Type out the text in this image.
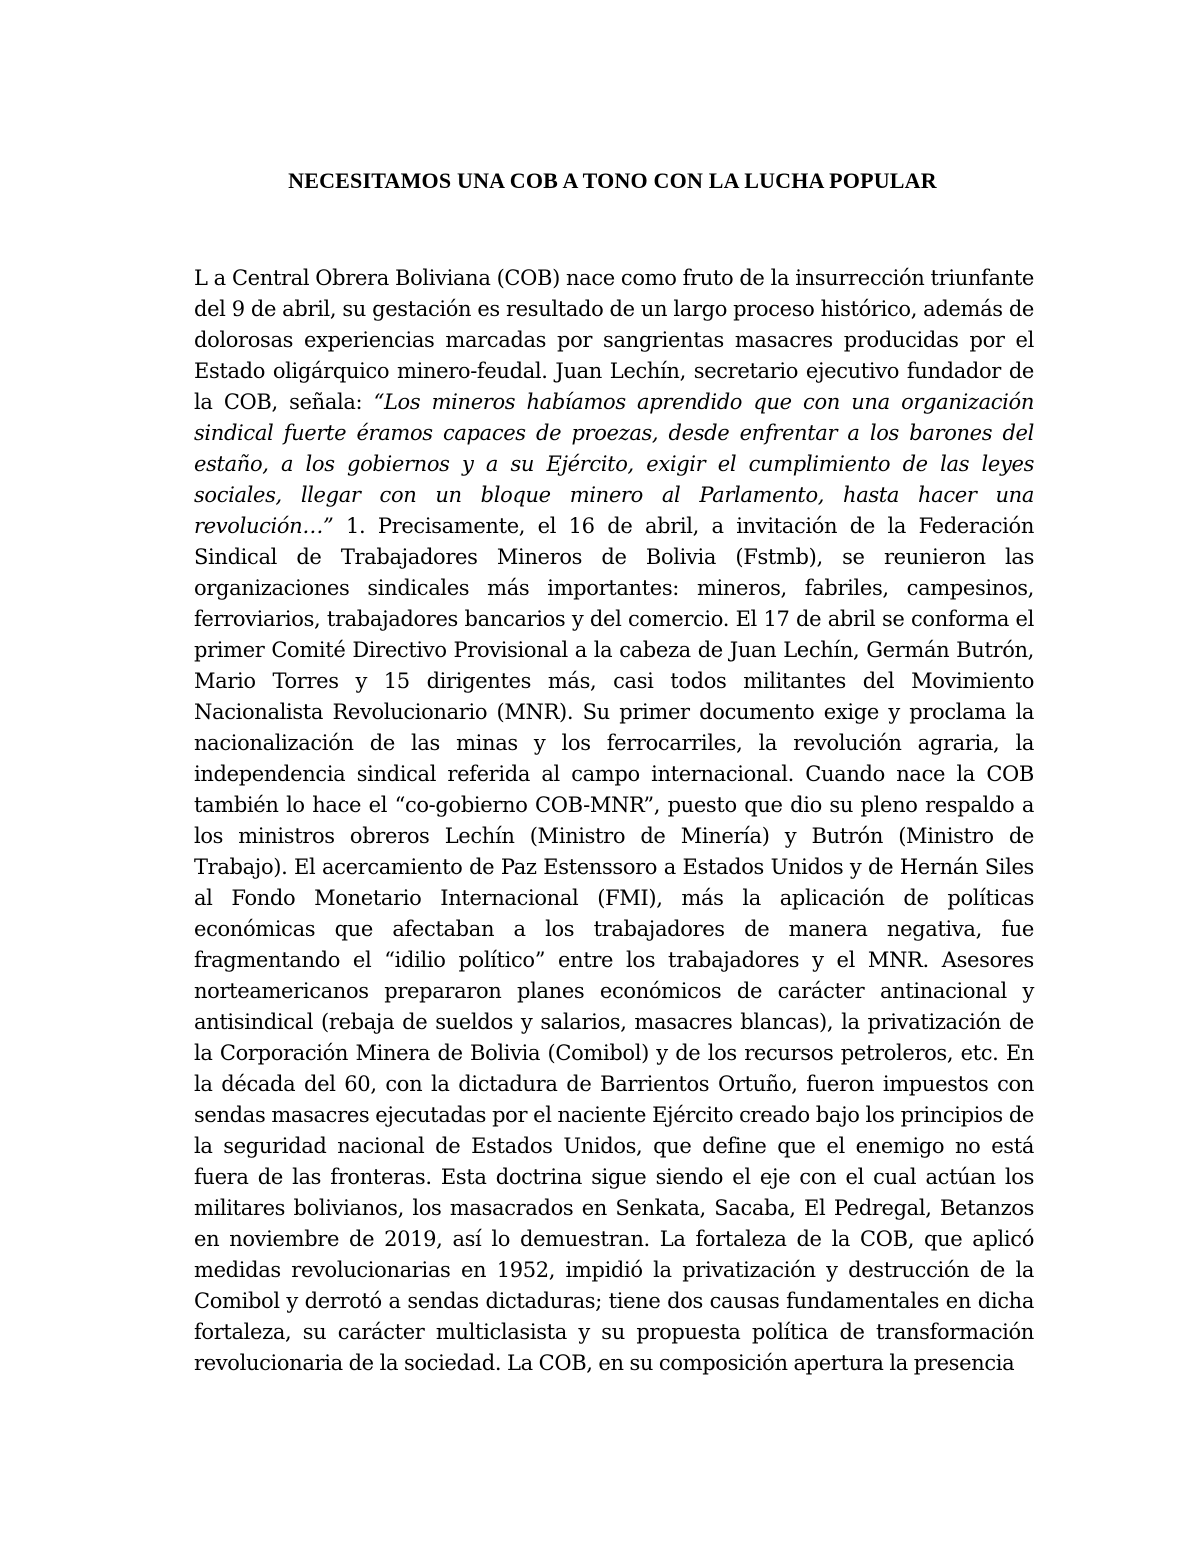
NECESITAMOS UNA COB A TONO CON LA LUCHA POPULAR

L a Central Obrera Boliviana (COB) nace como fruto de la insurrección triunfante del 9 de abril, su gestación es resultado de un largo proceso histórico, además de dolorosas experiencias marcadas por sangrientas masacres producidas por el Estado oligárquico minero-feudal. Juan Lechín, secretario ejecutivo fundador de la COB, señala: “Los mineros habíamos aprendido que con una organización sindical fuerte éramos capaces de proezas, desde enfrentar a los barones del estaño, a los gobiernos y a su Ejército, exigir el cumplimiento de las leyes sociales, llegar con un bloque minero al Parlamento, hasta hacer una revolución…” 1. Precisamente, el 16 de abril, a invitación de la Federación Sindical de Trabajadores Mineros de Bolivia (Fstmb), se reunieron las organizaciones sindicales más importantes: mineros, fabriles, campesinos, ferroviarios, trabajadores bancarios y del comercio. El 17 de abril se conforma el primer Comité Directivo Provisional a la cabeza de Juan Lechín, Germán Butrón, Mario Torres y 15 dirigentes más, casi todos militantes del Movimiento Nacionalista Revolucionario (MNR). Su primer documento exige y proclama la nacionalización de las minas y los ferrocarriles, la revolución agraria, la independencia sindical referida al campo internacional. Cuando nace la COB también lo hace el “co-gobierno COB-MNR”, puesto que dio su pleno respaldo a los ministros obreros Lechín (Ministro de Minería) y Butrón (Ministro de Trabajo). El acercamiento de Paz Estenssoro a Estados Unidos y de Hernán Siles al Fondo Monetario Internacional (FMI), más la aplicación de políticas económicas que afectaban a los trabajadores de manera negativa, fue fragmentando el “idilio político” entre los trabajadores y el MNR. Asesores norteamericanos prepararon planes económicos de carácter antinacional y antisindical (rebaja de sueldos y salarios, masacres blancas), la privatización de la Corporación Minera de Bolivia (Comibol) y de los recursos petroleros, etc. En la década del 60, con la dictadura de Barrientos Ortuño, fueron impuestos con sendas masacres ejecutadas por el naciente Ejército creado bajo los principios de la seguridad nacional de Estados Unidos, que define que el enemigo no está fuera de las fronteras. Esta doctrina sigue siendo el eje con el cual actúan los militares bolivianos, los masacrados en Senkata, Sacaba, El Pedregal, Betanzos en noviembre de 2019, así lo demuestran. La fortaleza de la COB, que aplicó medidas revolucionarias en 1952, impidió la privatización y destrucción de la Comibol y derrotó a sendas dictaduras; tiene dos causas fundamentales en dicha fortaleza, su carácter multiclasista y su propuesta política de transformación revolucionaria de la sociedad. La COB, en su composición apertura la presencia
